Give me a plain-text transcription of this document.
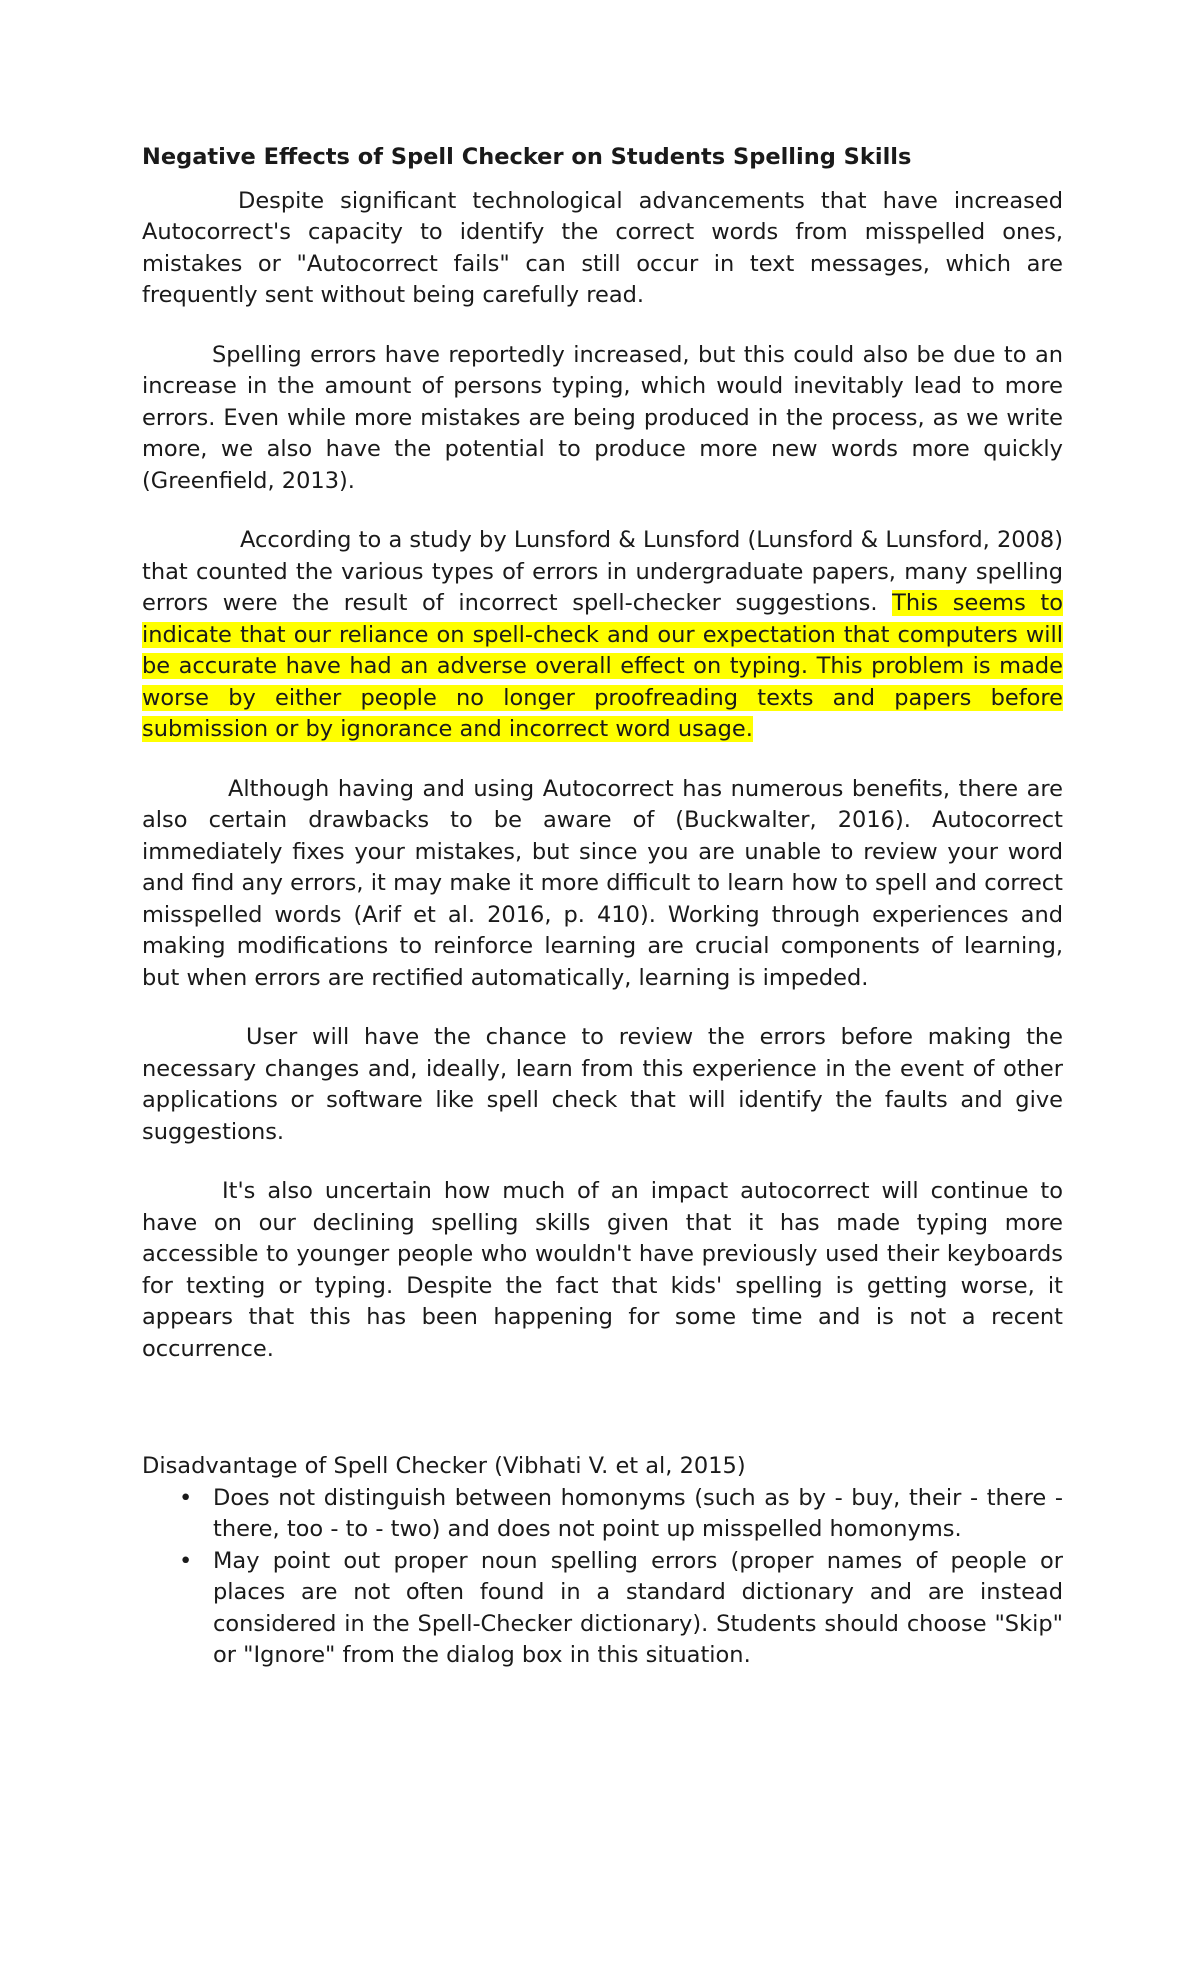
Negative Effects of Spell Checker on Students Spelling Skills

Despite significant technological advancements that have increased Autocorrect's capacity to identify the correct words from misspelled ones, mistakes or "Autocorrect fails" can still occur in text messages, which are frequently sent without being carefully read.

Spelling errors have reportedly increased, but this could also be due to an increase in the amount of persons typing, which would inevitably lead to more errors. Even while more mistakes are being produced in the process, as we write more, we also have the potential to produce more new words more quickly (Greenfield, 2013).

According to a study by Lunsford & Lunsford (Lunsford & Lunsford, 2008) that counted the various types of errors in undergraduate papers, many spelling errors were the result of incorrect spell-checker suggestions. This seems to indicate that our reliance on spell-check and our expectation that computers will be accurate have had an adverse overall effect on typing. This problem is made worse by either people no longer proofreading texts and papers before submission or by ignorance and incorrect word usage.

Although having and using Autocorrect has numerous benefits, there are also certain drawbacks to be aware of (Buckwalter, 2016). Autocorrect immediately fixes your mistakes, but since you are unable to review your word and find any errors, it may make it more difficult to learn how to spell and correct misspelled words (Arif et al. 2016, p. 410). Working through experiences and making modifications to reinforce learning are crucial components of learning, but when errors are rectified automatically, learning is impeded.

User will have the chance to review the errors before making the necessary changes and, ideally, learn from this experience in the event of other applications or software like spell check that will identify the faults and give suggestions.

It's also uncertain how much of an impact autocorrect will continue to have on our declining spelling skills given that it has made typing more accessible to younger people who wouldn't have previously used their keyboards for texting or typing. Despite the fact that kids' spelling is getting worse, it appears that this has been happening for some time and is not a recent occurrence.

Disadvantage of Spell Checker (Vibhati V. et al, 2015)
• Does not distinguish between homonyms (such as by - buy, their - there - there, too - to - two) and does not point up misspelled homonyms.
• May point out proper noun spelling errors (proper names of people or places are not often found in a standard dictionary and are instead considered in the Spell-Checker dictionary). Students should choose "Skip" or "Ignore" from the dialog box in this situation.
